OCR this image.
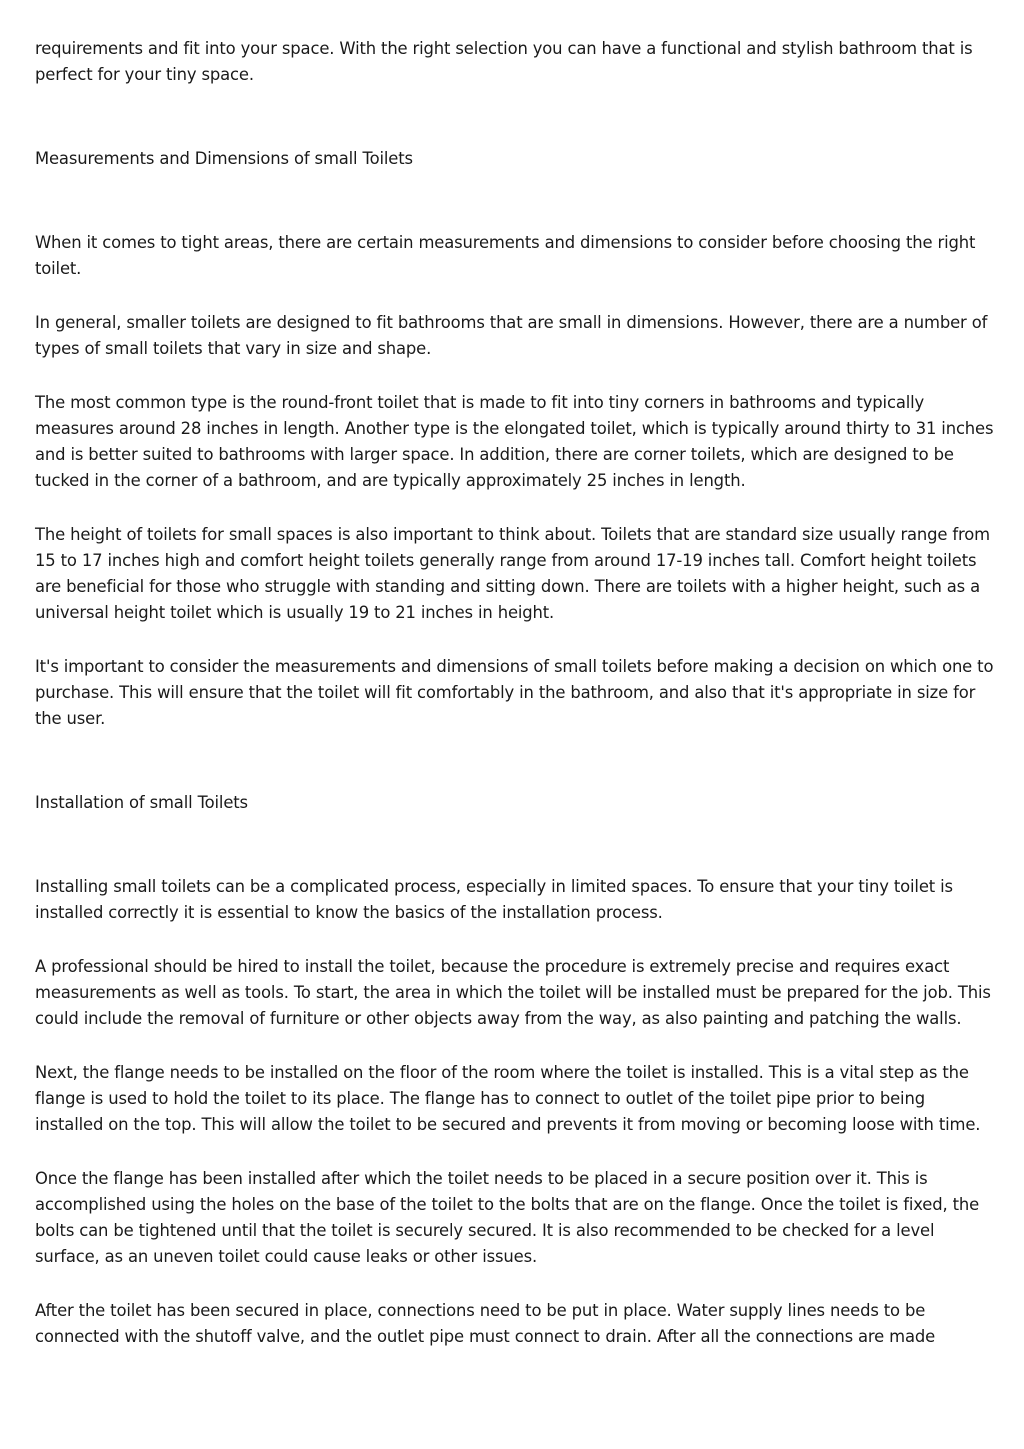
requirements and fit into your space. With the right selection you can have a functional and stylish bathroom that is perfect for your tiny space.

Measurements and Dimensions of small Toilets

When it comes to tight areas, there are certain measurements and dimensions to consider before choosing the right toilet.

In general, smaller toilets are designed to fit bathrooms that are small in dimensions. However, there are a number of types of small toilets that vary in size and shape.

The most common type is the round-front toilet that is made to fit into tiny corners in bathrooms and typically measures around 28 inches in length. Another type is the elongated toilet, which is typically around thirty to 31 inches and is better suited to bathrooms with larger space. In addition, there are corner toilets, which are designed to be tucked in the corner of a bathroom, and are typically approximately 25 inches in length.

The height of toilets for small spaces is also important to think about. Toilets that are standard size usually range from 15 to 17 inches high and comfort height toilets generally range from around 17-19 inches tall. Comfort height toilets are beneficial for those who struggle with standing and sitting down. There are toilets with a higher height, such as a universal height toilet which is usually 19 to 21 inches in height.

It's important to consider the measurements and dimensions of small toilets before making a decision on which one to purchase. This will ensure that the toilet will fit comfortably in the bathroom, and also that it's appropriate in size for the user.

Installation of small Toilets

Installing small toilets can be a complicated process, especially in limited spaces. To ensure that your tiny toilet is installed correctly it is essential to know the basics of the installation process.

A professional should be hired to install the toilet, because the procedure is extremely precise and requires exact measurements as well as tools. To start, the area in which the toilet will be installed must be prepared for the job. This could include the removal of furniture or other objects away from the way, as also painting and patching the walls.

Next, the flange needs to be installed on the floor of the room where the toilet is installed. This is a vital step as the flange is used to hold the toilet to its place. The flange has to connect to outlet of the toilet pipe prior to being installed on the top. This will allow the toilet to be secured and prevents it from moving or becoming loose with time.

Once the flange has been installed after which the toilet needs to be placed in a secure position over it. This is accomplished using the holes on the base of the toilet to the bolts that are on the flange. Once the toilet is fixed, the bolts can be tightened until that the toilet is securely secured. It is also recommended to be checked for a level surface, as an uneven toilet could cause leaks or other issues.

After the toilet has been secured in place, connections need to be put in place. Water supply lines needs to be connected with the shutoff valve, and the outlet pipe must connect to drain. After all the connections are made
